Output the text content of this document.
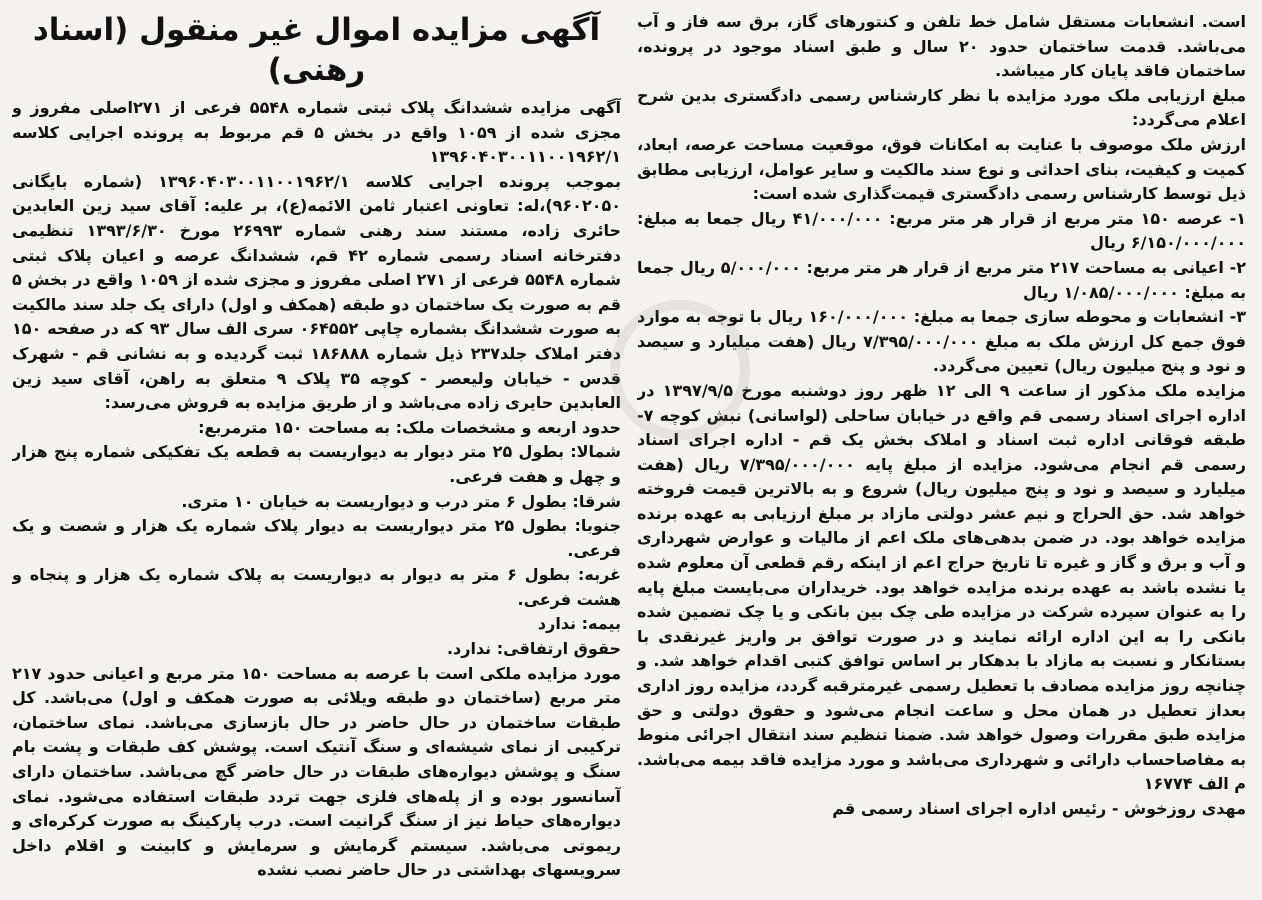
آگهی مزایده اموال غیر منقول (اسناد رهنی)

آگهی مزایده ششدانگ پلاک ثبتی شماره ۵۵۴۸ فرعی از ۲۷۱اصلی مفروز و مجزی شده از ۱۰۵۹ واقع در بخش ۵ قم مربوط به پرونده اجرایی کلاسه ۱۳۹۶۰۴۰۳۰۰۱۱۰۰۱۹۶۲/۱

بموجب پرونده اجرایی کلاسه ۱۳۹۶۰۴۰۳۰۰۱۱۰۰۱۹۶۲/۱ (شماره بایگانی ۹۶۰۲۰۵۰)،له: تعاونی اعتبار ثامن الائمه(ع)، بر علیه: آقای سید زین العابدین حائری زاده، مستند سند رهنی شماره ۲۶۹۹۳ مورخ ۱۳۹۳/۶/۳۰ تنظیمی دفترخانه اسناد رسمی شماره ۴۲ قم، ششدانگ عرصه و اعیان پلاک ثبتی شماره ۵۵۴۸ فرعی از ۲۷۱ اصلی مفروز و مجزی شده از ۱۰۵۹ واقع در بخش ۵ قم به صورت یک ساختمان دو طبقه (همکف و اول) دارای یک جلد سند مالکیت به صورت ششدانگ بشماره چاپی ۰۶۴۵۵۲ سری الف سال ۹۳ که در صفحه ۱۵۰ دفتر املاک جلد۲۳۷ ذیل شماره ۱۸۶۸۸۸ ثبت گردیده و به نشانی قم - شهرک قدس - خیابان ولیعصر - کوچه ۳۵ پلاک ۹ متعلق به راهن، آقای سید زین العابدین حایری زاده می‌باشد و از طریق مزایده به فروش می‌رسد:

حدود اربعه و مشخصات ملک: به مساحت ۱۵۰ مترمربع:

شمالا: بطول ۲۵ متر دیوار به دیواریست به قطعه یک تفکیکی شماره پنج هزار و چهل و هفت فرعی.

شرقا: بطول ۶ متر درب و دیواریست به خیابان ۱۰ متری.

جنوبا: بطول ۲۵ متر دیواریست به دیوار پلاک شماره یک هزار و شصت و یک فرعی.

غربه: بطول ۶ متر به دیوار به دیواریست به پلاک شماره یک هزار و پنجاه و هشت فرعی.

بیمه: ندارد

حقوق ارتفاقی: ندارد.

مورد مزایده ملکی است با عرصه به مساحت ۱۵۰ متر مربع و اعیانی حدود ۲۱۷ متر مربع (ساختمان دو طبقه ویلائی به صورت همکف و اول) می‌باشد. کل طبقات ساختمان در حال حاضر در حال بازسازی می‌باشد. نمای ساختمان، ترکیبی از نمای شیشه‌ای و سنگ آنتیک است. پوشش کف طبقات و پشت بام سنگ و پوشش دیواره‌های طبقات در حال حاضر گچ می‌باشد. ساختمان دارای آسانسور بوده و از پله‌های فلزی جهت تردد طبقات استفاده می‌شود. نمای دیواره‌های حیاط نیز از سنگ گرانیت است. درب پارکینگ به صورت کرکره‌ای و ریموتی می‌باشد. سیستم گرمایش و سرمایش و کابینت و اقلام داخل سرویسهای بهداشتی در حال حاضر نصب نشده

است. انشعابات مستقل شامل خط تلفن و کنتورهای گاز، برق سه فاز و آب می‌باشد. قدمت ساختمان حدود ۲۰ سال و طبق اسناد موجود در پرونده، ساختمان فاقد پایان کار میباشد.

مبلغ ارزیابی ملک مورد مزایده با نظر کارشناس رسمی دادگستری بدین شرح اعلام می‌گردد:

ارزش ملک موصوف با عنایت به امکانات فوق، موقعیت مساحت عرصه، ابعاد، کمیت و کیفیت، بنای احداثی و نوع سند مالکیت و سایر عوامل، ارزیابی مطابق ذیل توسط کارشناس رسمی دادگستری قیمت‌گذاری شده است:

۱- عرصه ۱۵۰ متر مربع از قرار هر متر مربع: ۴۱/۰۰۰/۰۰۰ ریال جمعا به مبلغ: ۶/۱۵۰/۰۰۰/۰۰۰ ریال

۲- اعیانی به مساحت ۲۱۷ متر مربع از قرار هر متر مربع: ۵/۰۰۰/۰۰۰ ریال جمعا به مبلغ: ۱/۰۸۵/۰۰۰/۰۰۰ ریال

۳- انشعابات و محوطه سازی جمعا به مبلغ: ۱۶۰/۰۰۰/۰۰۰ ریال با توجه به موارد فوق جمع کل ارزش ملک به مبلغ ۷/۳۹۵/۰۰۰/۰۰۰ ریال (هفت میلیارد و سیصد و نود و پنج میلیون ریال) تعیین می‌گردد.

مزایده ملک مذکور از ساعت ۹ الی ۱۲ ظهر روز دوشنبه مورخ ۱۳۹۷/۹/۵ در اداره اجرای اسناد رسمی قم واقع در خیابان ساحلی (لواسانی) نبش کوچه ۷- طبقه فوقانی اداره ثبت اسناد و املاک بخش یک قم - اداره اجرای اسناد رسمی قم انجام می‌شود. مزایده از مبلغ پایه ۷/۳۹۵/۰۰۰/۰۰۰ ریال (هفت میلیارد و سیصد و نود و پنج میلیون ریال) شروع و به بالاترین قیمت فروخته خواهد شد. حق الحراج و نیم عشر دولتی مازاد بر مبلغ ارزیابی به عهده برنده مزایده خواهد بود. در ضمن بدهی‌های ملک اعم از مالیات و عوارض شهرداری و آب و برق و گاز و غیره تا تاریخ حراج اعم از اینکه رقم قطعی آن معلوم شده یا نشده باشد به عهده برنده مزایده خواهد بود. خریداران می‌بایست مبلغ پایه را به عنوان سپرده شرکت در مزایده طی چک بین بانکی و یا چک تضمین شده بانکی را به این اداره ارائه نمایند و در صورت توافق بر واریز غیرنقدی با بستانکار و نسبت به مازاد با بدهکار بر اساس توافق کتبی اقدام خواهد شد. و چنانچه روز مزایده مصادف با تعطیل رسمی غیرمترقبه گردد، مزایده روز اداری بعداز تعطیل در همان محل و ساعت انجام می‌شود و حقوق دولتی و حق مزایده طبق مقررات وصول خواهد شد. ضمنا تنظیم سند انتقال اجرائی منوط به مفاصاحساب دارائی و شهرداری می‌باشد و مورد مزایده فاقد بیمه می‌باشد. م الف ۱۶۷۷۴

مهدی روزخوش - رئیس اداره اجرای اسناد رسمی قم
